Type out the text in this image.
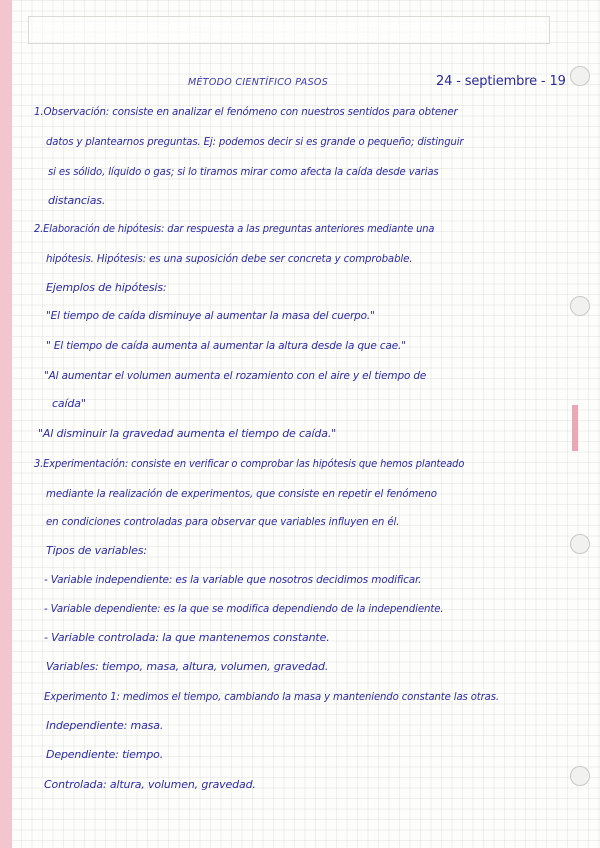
MÉTODO CIENTÍFICO PASOS	24 - septiembre - 19
1.Observación: consiste en analizar el fenómeno con nuestros sentidos para obtener
datos y plantearnos preguntas. Ej: podemos decir si es grande o pequeño; distinguir
si es sólido, líquido o gas; si lo tiramos mirar como afecta la caída desde varias
distancias.
2.Elaboración de hipótesis: dar respuesta a las preguntas anteriores mediante una
hipótesis. Hipótesis: es una suposición debe ser concreta y comprobable.
Ejemplos de hipótesis:
"El tiempo de caída disminuye al aumentar la masa del cuerpo."
" El tiempo de caída aumenta al aumentar la altura desde la que cae."
"Al aumentar el volumen aumenta el rozamiento con el aire y el tiempo de
caída"
"Al disminuir la gravedad aumenta el tiempo de caída."
3.Experimentación: consiste en verificar o comprobar las hipótesis que hemos planteado
mediante la realización de experimentos, que consiste en repetir el fenómeno
en condiciones controladas para observar que variables influyen en él.
Tipos de variables:
- Variable independiente: es la variable que nosotros decidimos modificar.
- Variable dependiente: es la que se modifica dependiendo de la independiente.
- Variable controlada: la que mantenemos constante.
Variables: tiempo, masa, altura, volumen, gravedad.
Experimento 1: medimos el tiempo, cambiando la masa y manteniendo constante las otras.
Independiente: masa.
Dependiente: tiempo.
Controlada: altura, volumen, gravedad.
